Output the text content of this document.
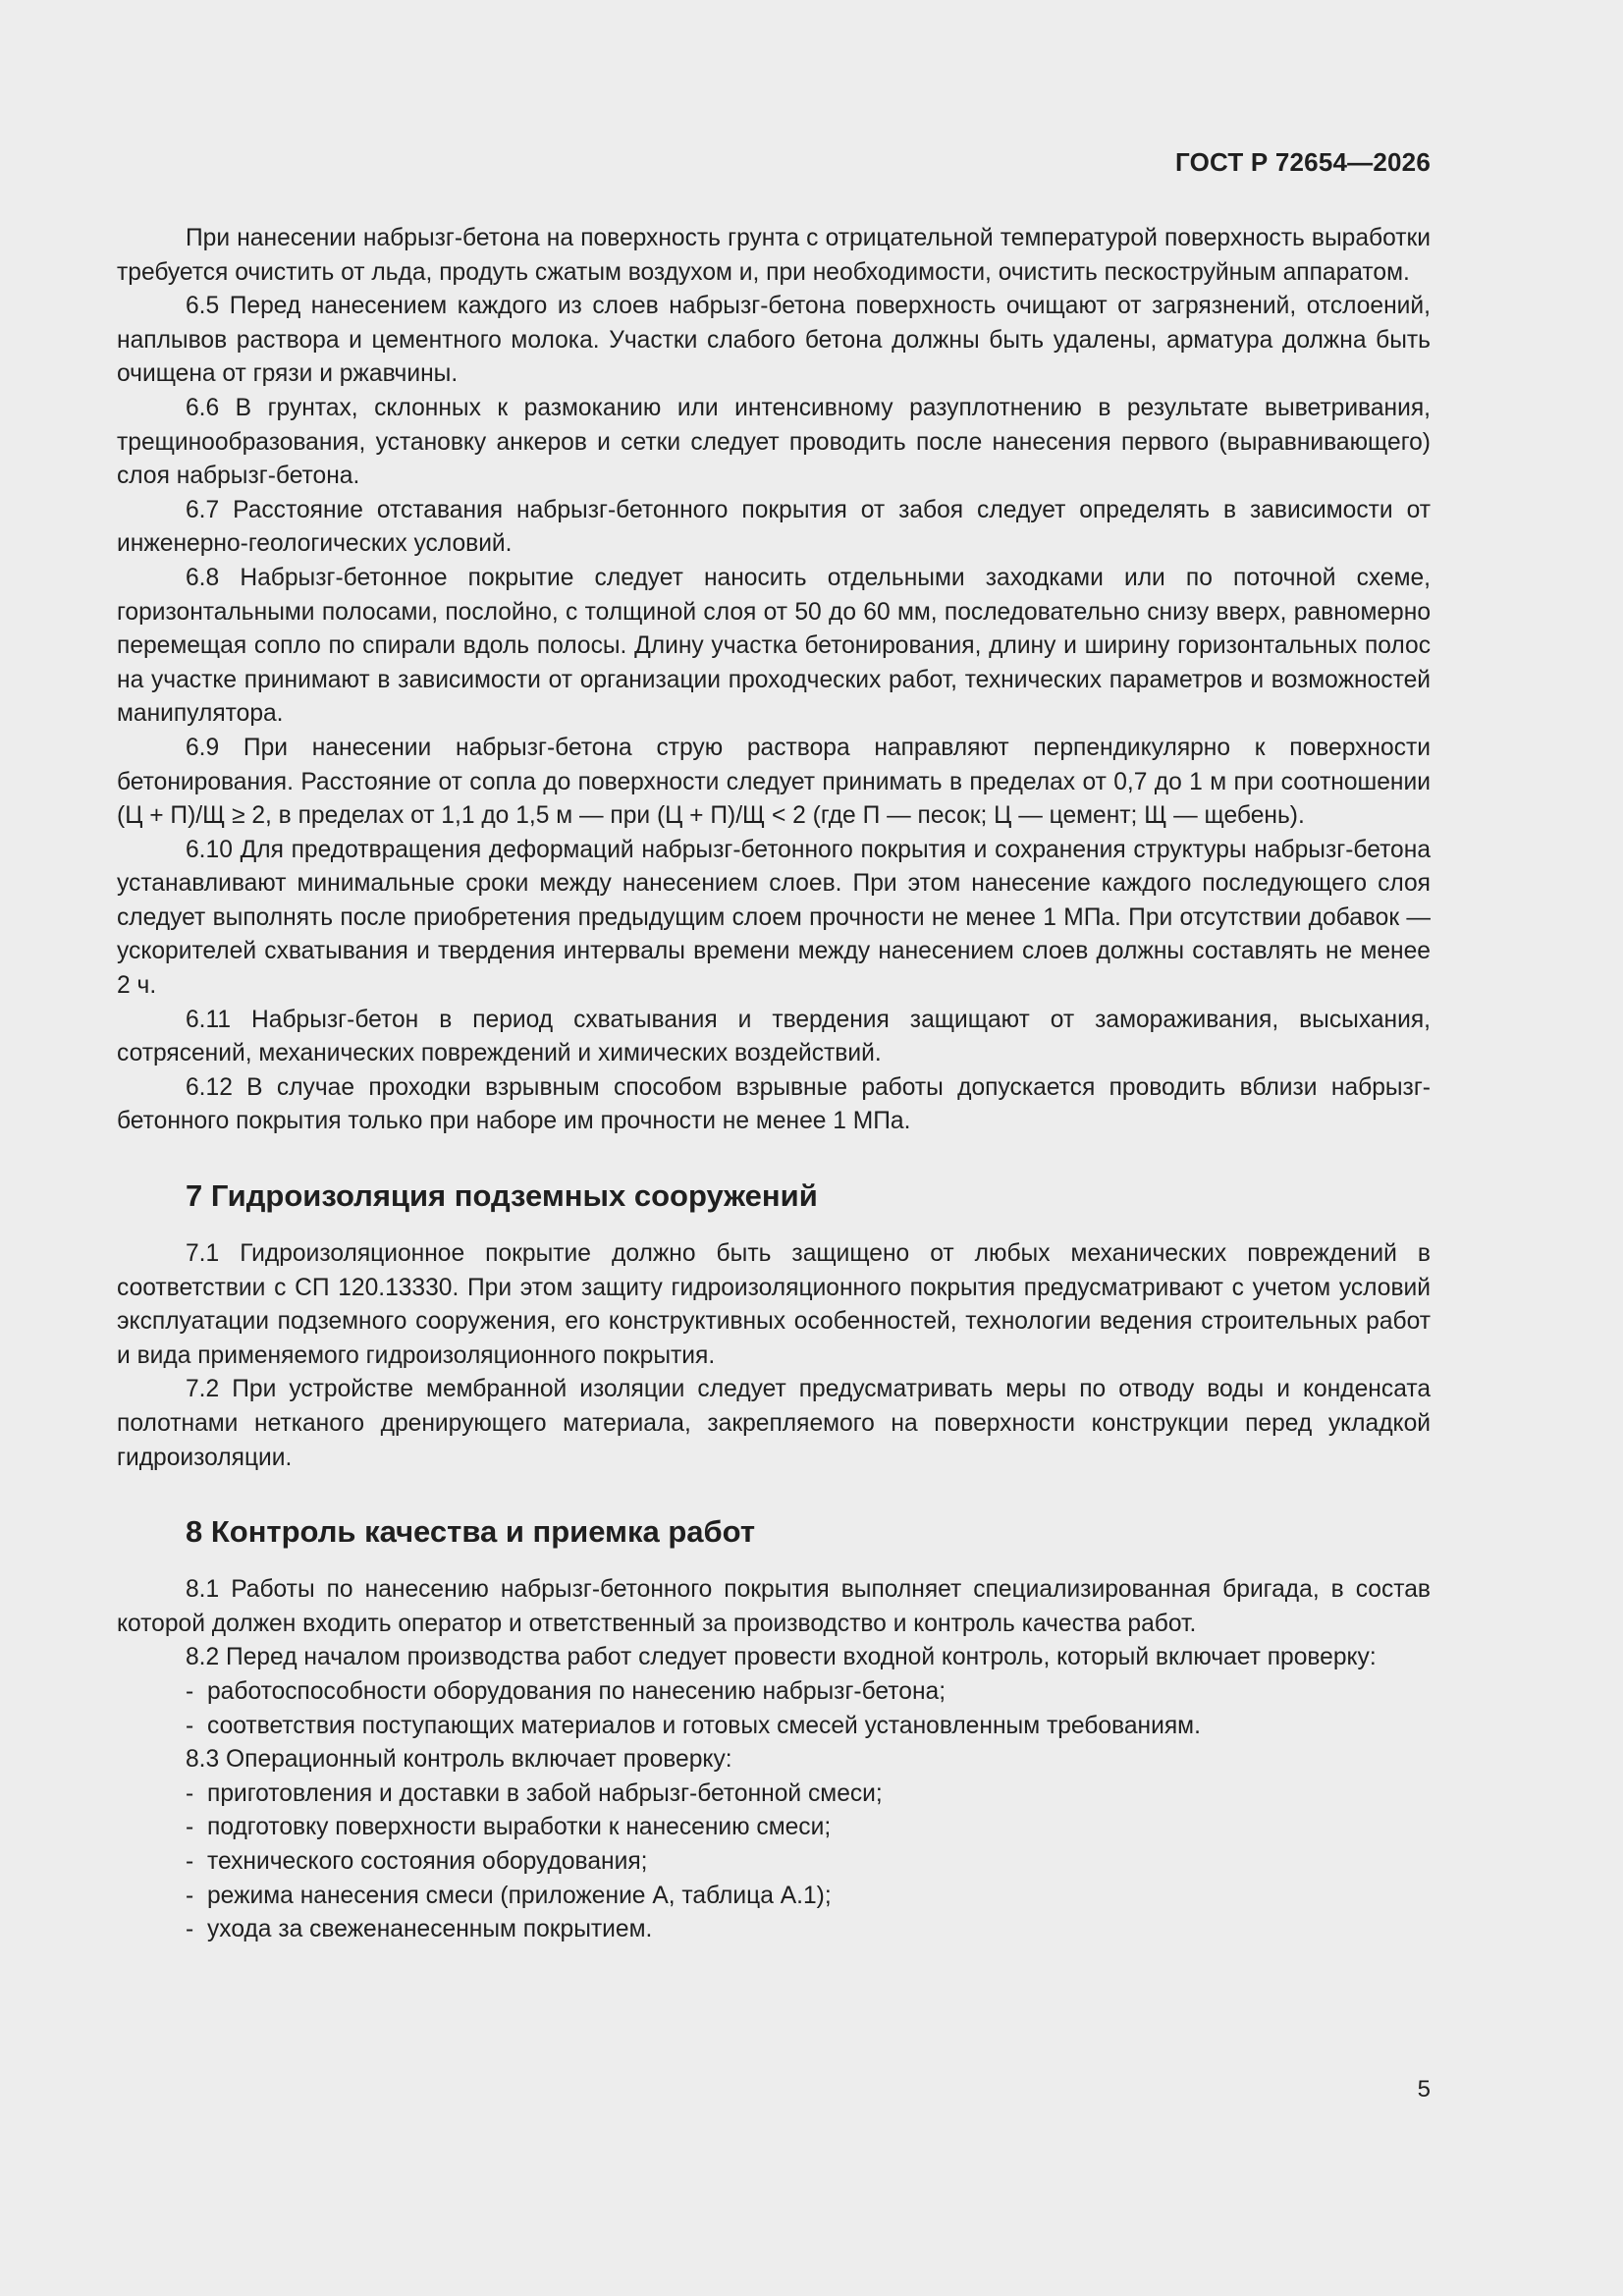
ГОСТ Р 72654—2026

При нанесении набрызг-бетона на поверхность грунта с отрицательной температурой поверхность выработки требуется очистить от льда, продуть сжатым воздухом и, при необходимости, очистить пескоструйным аппаратом.

6.5 Перед нанесением каждого из слоев набрызг-бетона поверхность очищают от загрязнений, отслоений, наплывов раствора и цементного молока. Участки слабого бетона должны быть удалены, арматура должна быть очищена от грязи и ржавчины.

6.6 В грунтах, склонных к размоканию или интенсивному разуплотнению в результате выветривания, трещинообразования, установку анкеров и сетки следует проводить после нанесения первого (выравнивающего) слоя набрызг-бетона.

6.7 Расстояние отставания набрызг-бетонного покрытия от забоя следует определять в зависимости от инженерно-геологических условий.

6.8 Набрызг-бетонное покрытие следует наносить отдельными заходками или по поточной схеме, горизонтальными полосами, послойно, с толщиной слоя от 50 до 60 мм, последовательно снизу вверх, равномерно перемещая сопло по спирали вдоль полосы. Длину участка бетонирования, длину и ширину горизонтальных полос на участке принимают в зависимости от организации проходческих работ, технических параметров и возможностей манипулятора.

6.9 При нанесении набрызг-бетона струю раствора направляют перпендикулярно к поверхности бетонирования. Расстояние от сопла до поверхности следует принимать в пределах от 0,7 до 1 м при соотношении (Ц + П)/Щ ≥ 2, в пределах от 1,1 до 1,5 м — при (Ц + П)/Щ < 2 (где П — песок; Ц — цемент; Щ — щебень).

6.10 Для предотвращения деформаций набрызг-бетонного покрытия и сохранения структуры набрызг-бетона устанавливают минимальные сроки между нанесением слоев. При этом нанесение каждого последующего слоя следует выполнять после приобретения предыдущим слоем прочности не менее 1 МПа. При отсутствии добавок — ускорителей схватывания и твердения интервалы времени между нанесением слоев должны составлять не менее 2 ч.

6.11 Набрызг-бетон в период схватывания и твердения защищают от замораживания, высыхания, сотрясений, механических повреждений и химических воздействий.

6.12 В случае проходки взрывным способом взрывные работы допускается проводить вблизи набрызг-бетонного покрытия только при наборе им прочности не менее 1 МПа.

7 Гидроизоляция подземных сооружений

7.1 Гидроизоляционное покрытие должно быть защищено от любых механических повреждений в соответствии с СП 120.13330. При этом защиту гидроизоляционного покрытия предусматривают с учетом условий эксплуатации подземного сооружения, его конструктивных особенностей, технологии ведения строительных работ и вида применяемого гидроизоляционного покрытия.

7.2 При устройстве мембранной изоляции следует предусматривать меры по отводу воды и конденсата полотнами нетканого дренирующего материала, закрепляемого на поверхности конструкции перед укладкой гидроизоляции.

8 Контроль качества и приемка работ

8.1 Работы по нанесению набрызг-бетонного покрытия выполняет специализированная бригада, в состав которой должен входить оператор и ответственный за производство и контроль качества работ.

8.2 Перед началом производства работ следует провести входной контроль, который включает проверку:

- работоспособности оборудования по нанесению набрызг-бетона;
- соответствия поступающих материалов и готовых смесей установленным требованиям.

8.3 Операционный контроль включает проверку:

- приготовления и доставки в забой набрызг-бетонной смеси;
- подготовку поверхности выработки к нанесению смеси;
- технического состояния оборудования;
- режима нанесения смеси (приложение А, таблица А.1);
- ухода за свеженанесенным покрытием.
5
